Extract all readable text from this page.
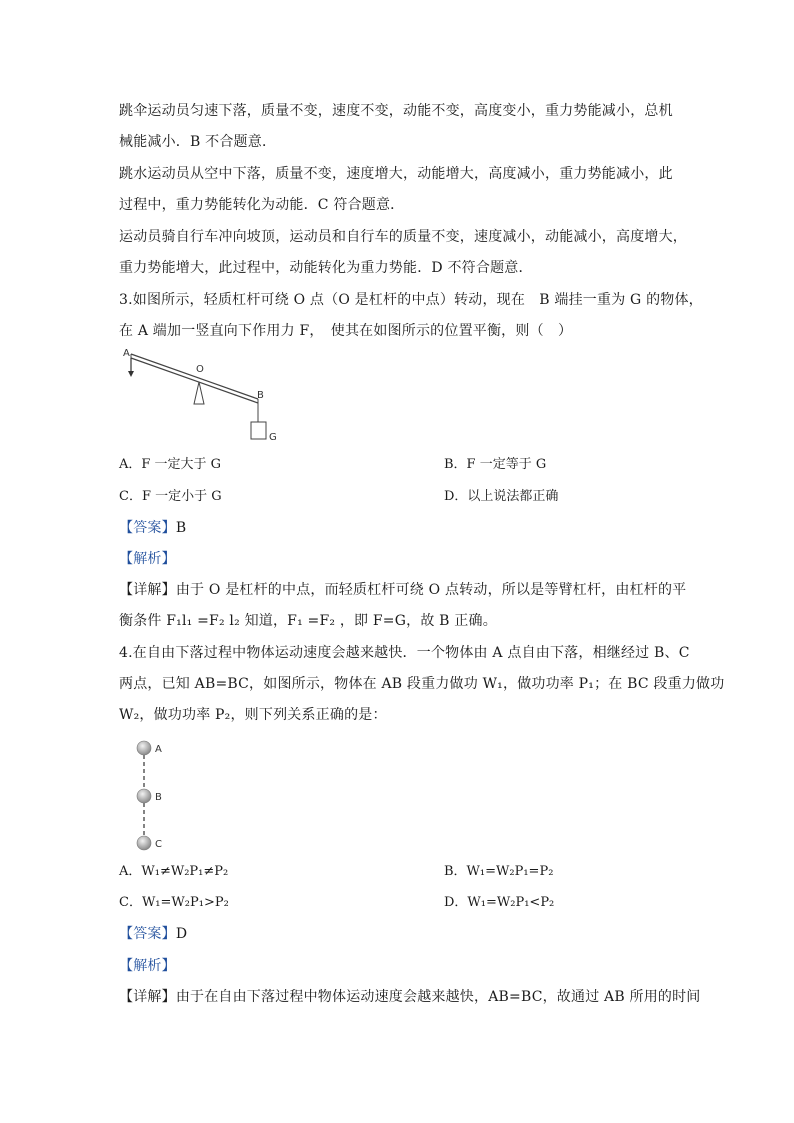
跳伞运动员匀速下落，质量不变，速度不变，动能不变，高度变小，重力势能减小，总机
械能减小．B 不合题意．
跳水运动员从空中下落，质量不变，速度增大，动能增大，高度减小，重力势能减小，此
过程中，重力势能转化为动能．C 符合题意．
运动员骑自行车冲向坡顶，运动员和自行车的质量不变，速度减小，动能减小，高度增大，
重力势能增大，此过程中，动能转化为重力势能．D 不符合题意．
3.如图所示，轻质杠杆可绕 O 点（O 是杠杆的中点）转动，现在　B 端挂一重为 G 的物体，
在 A 端加一竖直向下作用力 F，　使其在如图所示的位置平衡，则（　）
A
O
B
G
A．F 一定大于 G	B．F 一定等于 G
C．F 一定小于 G	D．以上说法都正确
【答案】B
【解析】
【详解】由于 O 是杠杆的中点，而轻质杠杆可绕 O 点转动，所以是等臂杠杆，由杠杆的平
衡条件 F₁l₁ =F₂ l₂ 知道，F₁ =F₂ ，即 F=G，故 B 正确。
4.在自由下落过程中物体运动速度会越来越快．一个物体由 A 点自由下落，相继经过 B、C
两点，已知 AB=BC，如图所示，物体在 AB 段重力做功 W₁，做功功率 P₁；在 BC 段重力做功
W₂，做功功率 P₂，则下列关系正确的是：
A
B
C
A．W₁≠W₂P₁≠P₂	B．W₁=W₂P₁=P₂
C．W₁=W₂P₁>P₂	D．W₁=W₂P₁<P₂
【答案】D
【解析】
【详解】由于在自由下落过程中物体运动速度会越来越快，AB=BC，故通过 AB 所用的时间
